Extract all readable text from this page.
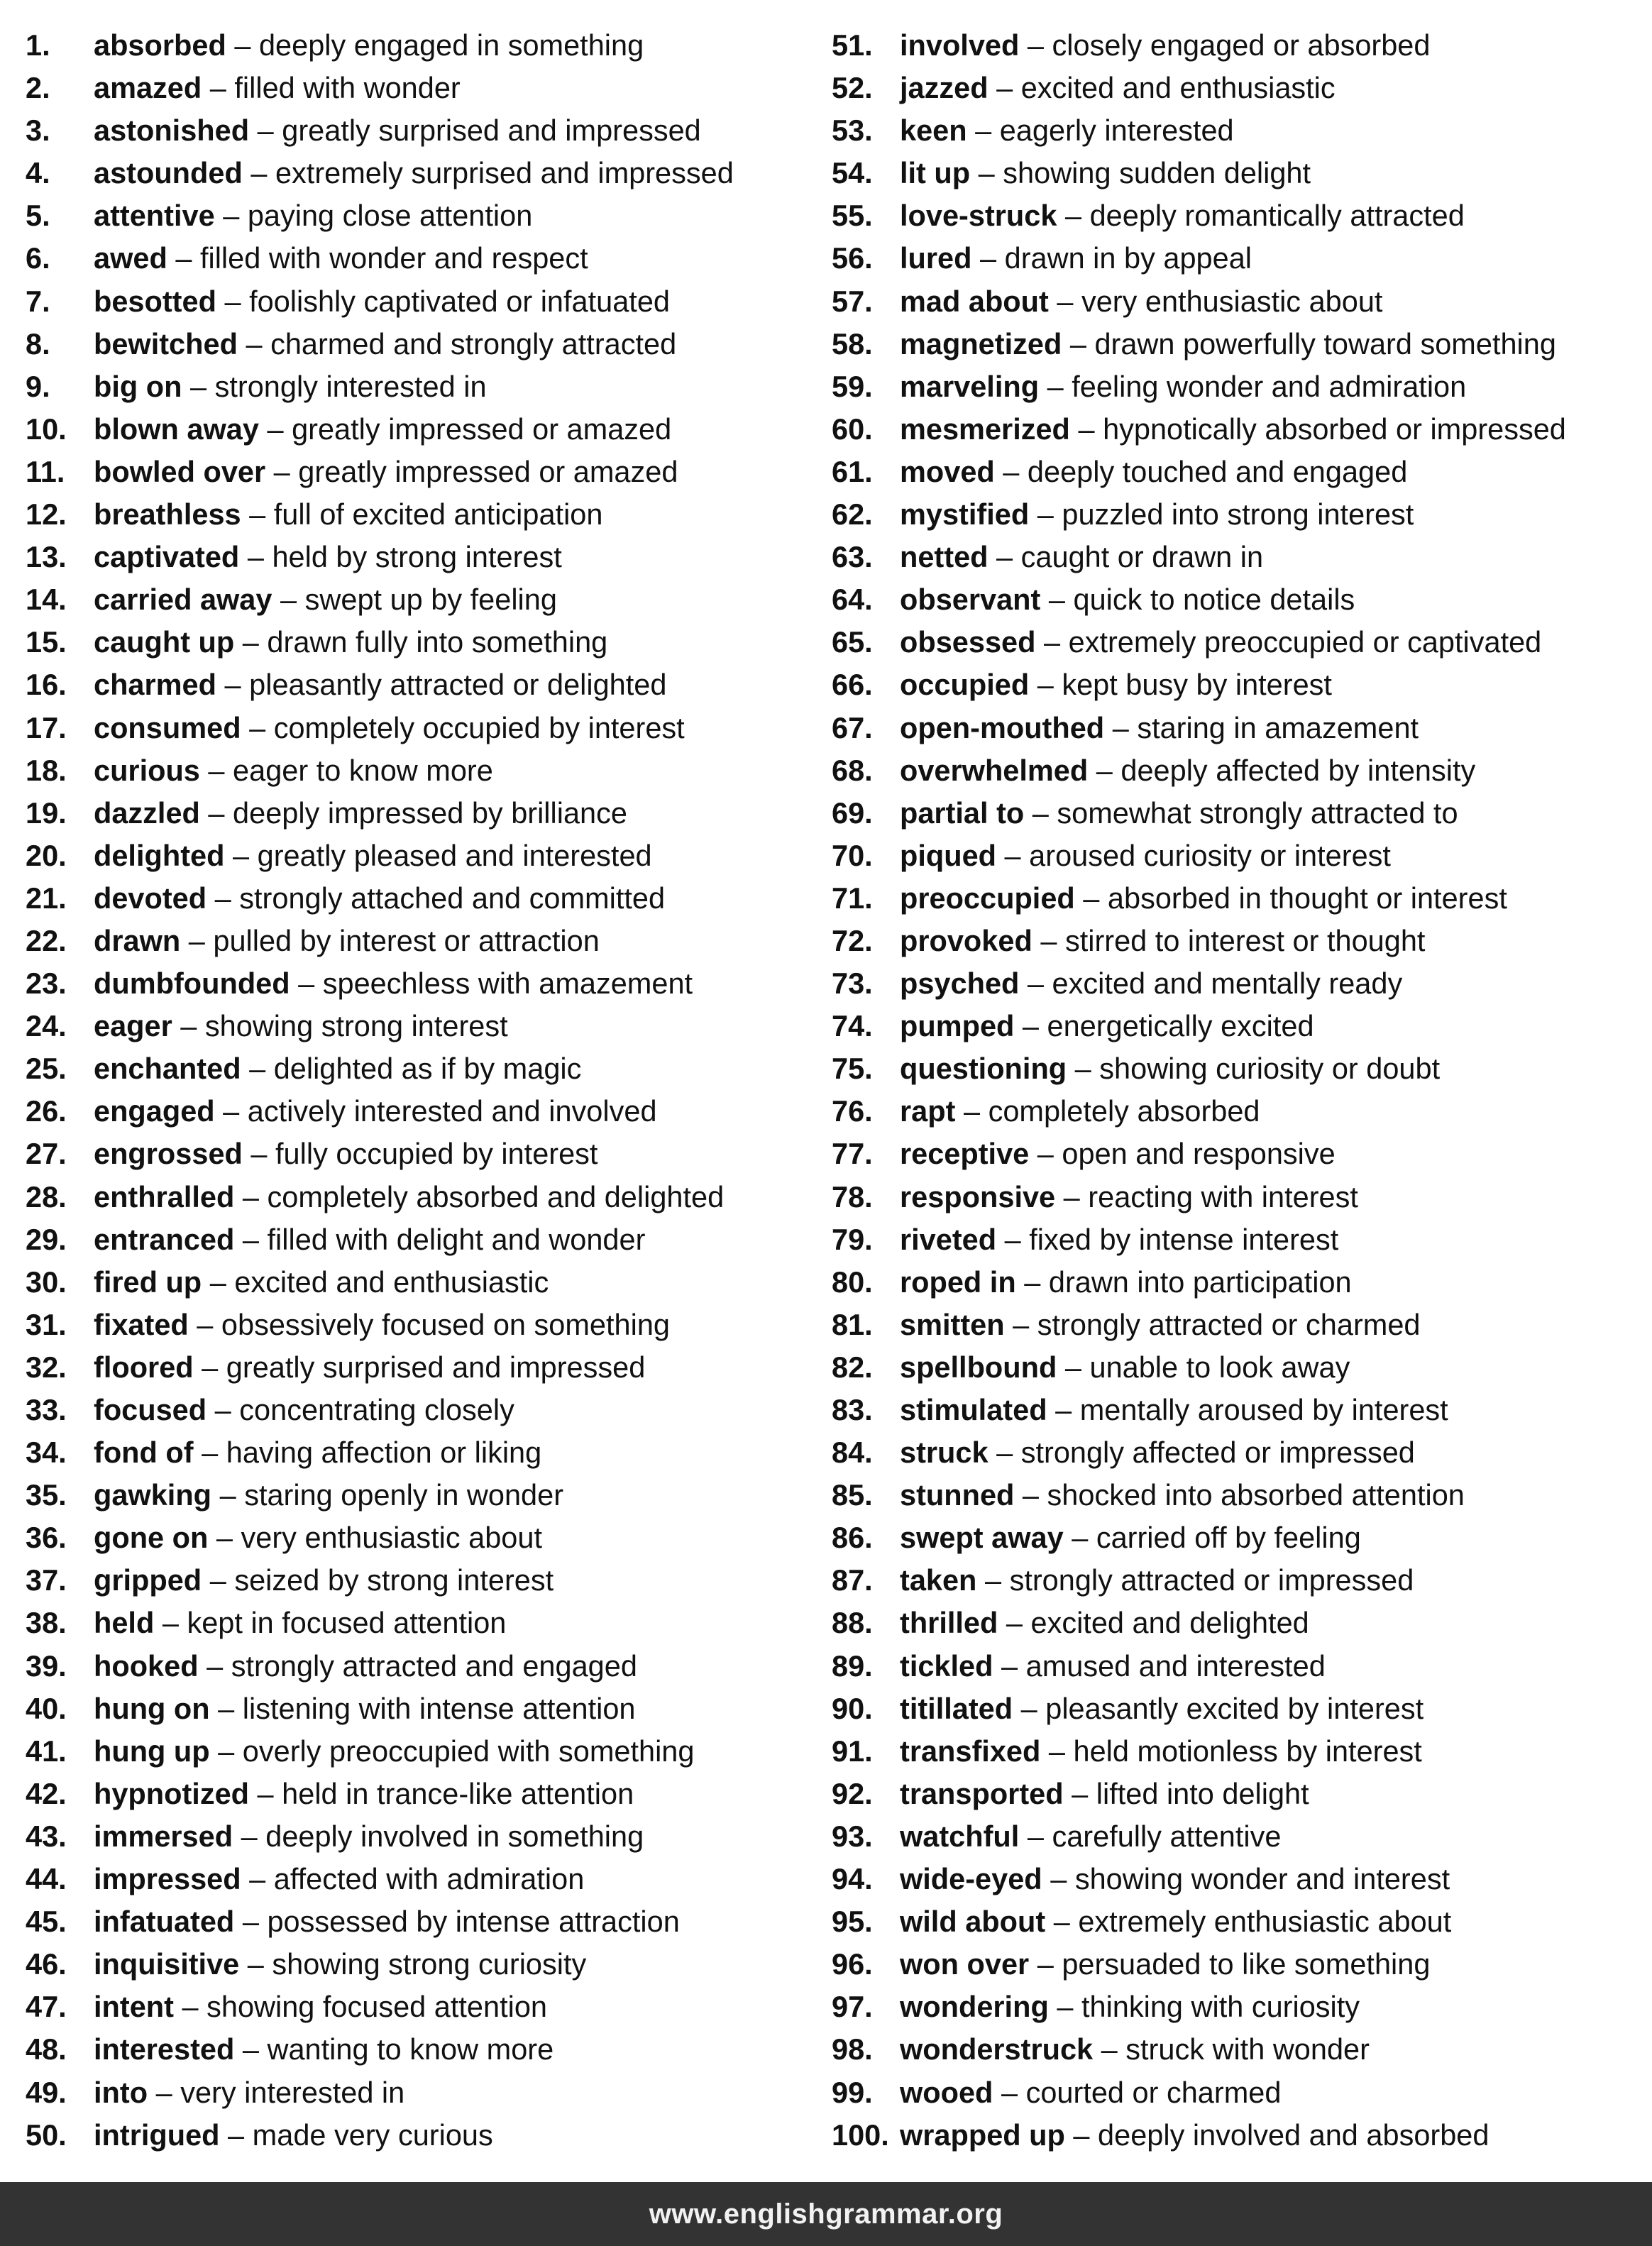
1. absorbed – deeply engaged in something
2. amazed – filled with wonder
3. astonished – greatly surprised and impressed
4. astounded – extremely surprised and impressed
5. attentive – paying close attention
6. awed – filled with wonder and respect
7. besotted – foolishly captivated or infatuated
8. bewitched – charmed and strongly attracted
9. big on – strongly interested in
10. blown away – greatly impressed or amazed
11. bowled over – greatly impressed or amazed
12. breathless – full of excited anticipation
13. captivated – held by strong interest
14. carried away – swept up by feeling
15. caught up – drawn fully into something
16. charmed – pleasantly attracted or delighted
17. consumed – completely occupied by interest
18. curious – eager to know more
19. dazzled – deeply impressed by brilliance
20. delighted – greatly pleased and interested
21. devoted – strongly attached and committed
22. drawn – pulled by interest or attraction
23. dumbfounded – speechless with amazement
24. eager – showing strong interest
25. enchanted – delighted as if by magic
26. engaged – actively interested and involved
27. engrossed – fully occupied by interest
28. enthralled – completely absorbed and delighted
29. entranced – filled with delight and wonder
30. fired up – excited and enthusiastic
31. fixated – obsessively focused on something
32. floored – greatly surprised and impressed
33. focused – concentrating closely
34. fond of – having affection or liking
35. gawking – staring openly in wonder
36. gone on – very enthusiastic about
37. gripped – seized by strong interest
38. held – kept in focused attention
39. hooked – strongly attracted and engaged
40. hung on – listening with intense attention
41. hung up – overly preoccupied with something
42. hypnotized – held in trance-like attention
43. immersed – deeply involved in something
44. impressed – affected with admiration
45. infatuated – possessed by intense attraction
46. inquisitive – showing strong curiosity
47. intent – showing focused attention
48. interested – wanting to know more
49. into – very interested in
50. intrigued – made very curious
51. involved – closely engaged or absorbed
52. jazzed – excited and enthusiastic
53. keen – eagerly interested
54. lit up – showing sudden delight
55. love-struck – deeply romantically attracted
56. lured – drawn in by appeal
57. mad about – very enthusiastic about
58. magnetized – drawn powerfully toward something
59. marveling – feeling wonder and admiration
60. mesmerized – hypnotically absorbed or impressed
61. moved – deeply touched and engaged
62. mystified – puzzled into strong interest
63. netted – caught or drawn in
64. observant – quick to notice details
65. obsessed – extremely preoccupied or captivated
66. occupied – kept busy by interest
67. open-mouthed – staring in amazement
68. overwhelmed – deeply affected by intensity
69. partial to – somewhat strongly attracted to
70. piqued – aroused curiosity or interest
71. preoccupied – absorbed in thought or interest
72. provoked – stirred to interest or thought
73. psyched – excited and mentally ready
74. pumped – energetically excited
75. questioning – showing curiosity or doubt
76. rapt – completely absorbed
77. receptive – open and responsive
78. responsive – reacting with interest
79. riveted – fixed by intense interest
80. roped in – drawn into participation
81. smitten – strongly attracted or charmed
82. spellbound – unable to look away
83. stimulated – mentally aroused by interest
84. struck – strongly affected or impressed
85. stunned – shocked into absorbed attention
86. swept away – carried off by feeling
87. taken – strongly attracted or impressed
88. thrilled – excited and delighted
89. tickled – amused and interested
90. titillated – pleasantly excited by interest
91. transfixed – held motionless by interest
92. transported – lifted into delight
93. watchful – carefully attentive
94. wide-eyed – showing wonder and interest
95. wild about – extremely enthusiastic about
96. won over – persuaded to like something
97. wondering – thinking with curiosity
98. wonderstruck – struck with wonder
99. wooed – courted or charmed
100. wrapped up – deeply involved and absorbed
www.englishgrammar.org
